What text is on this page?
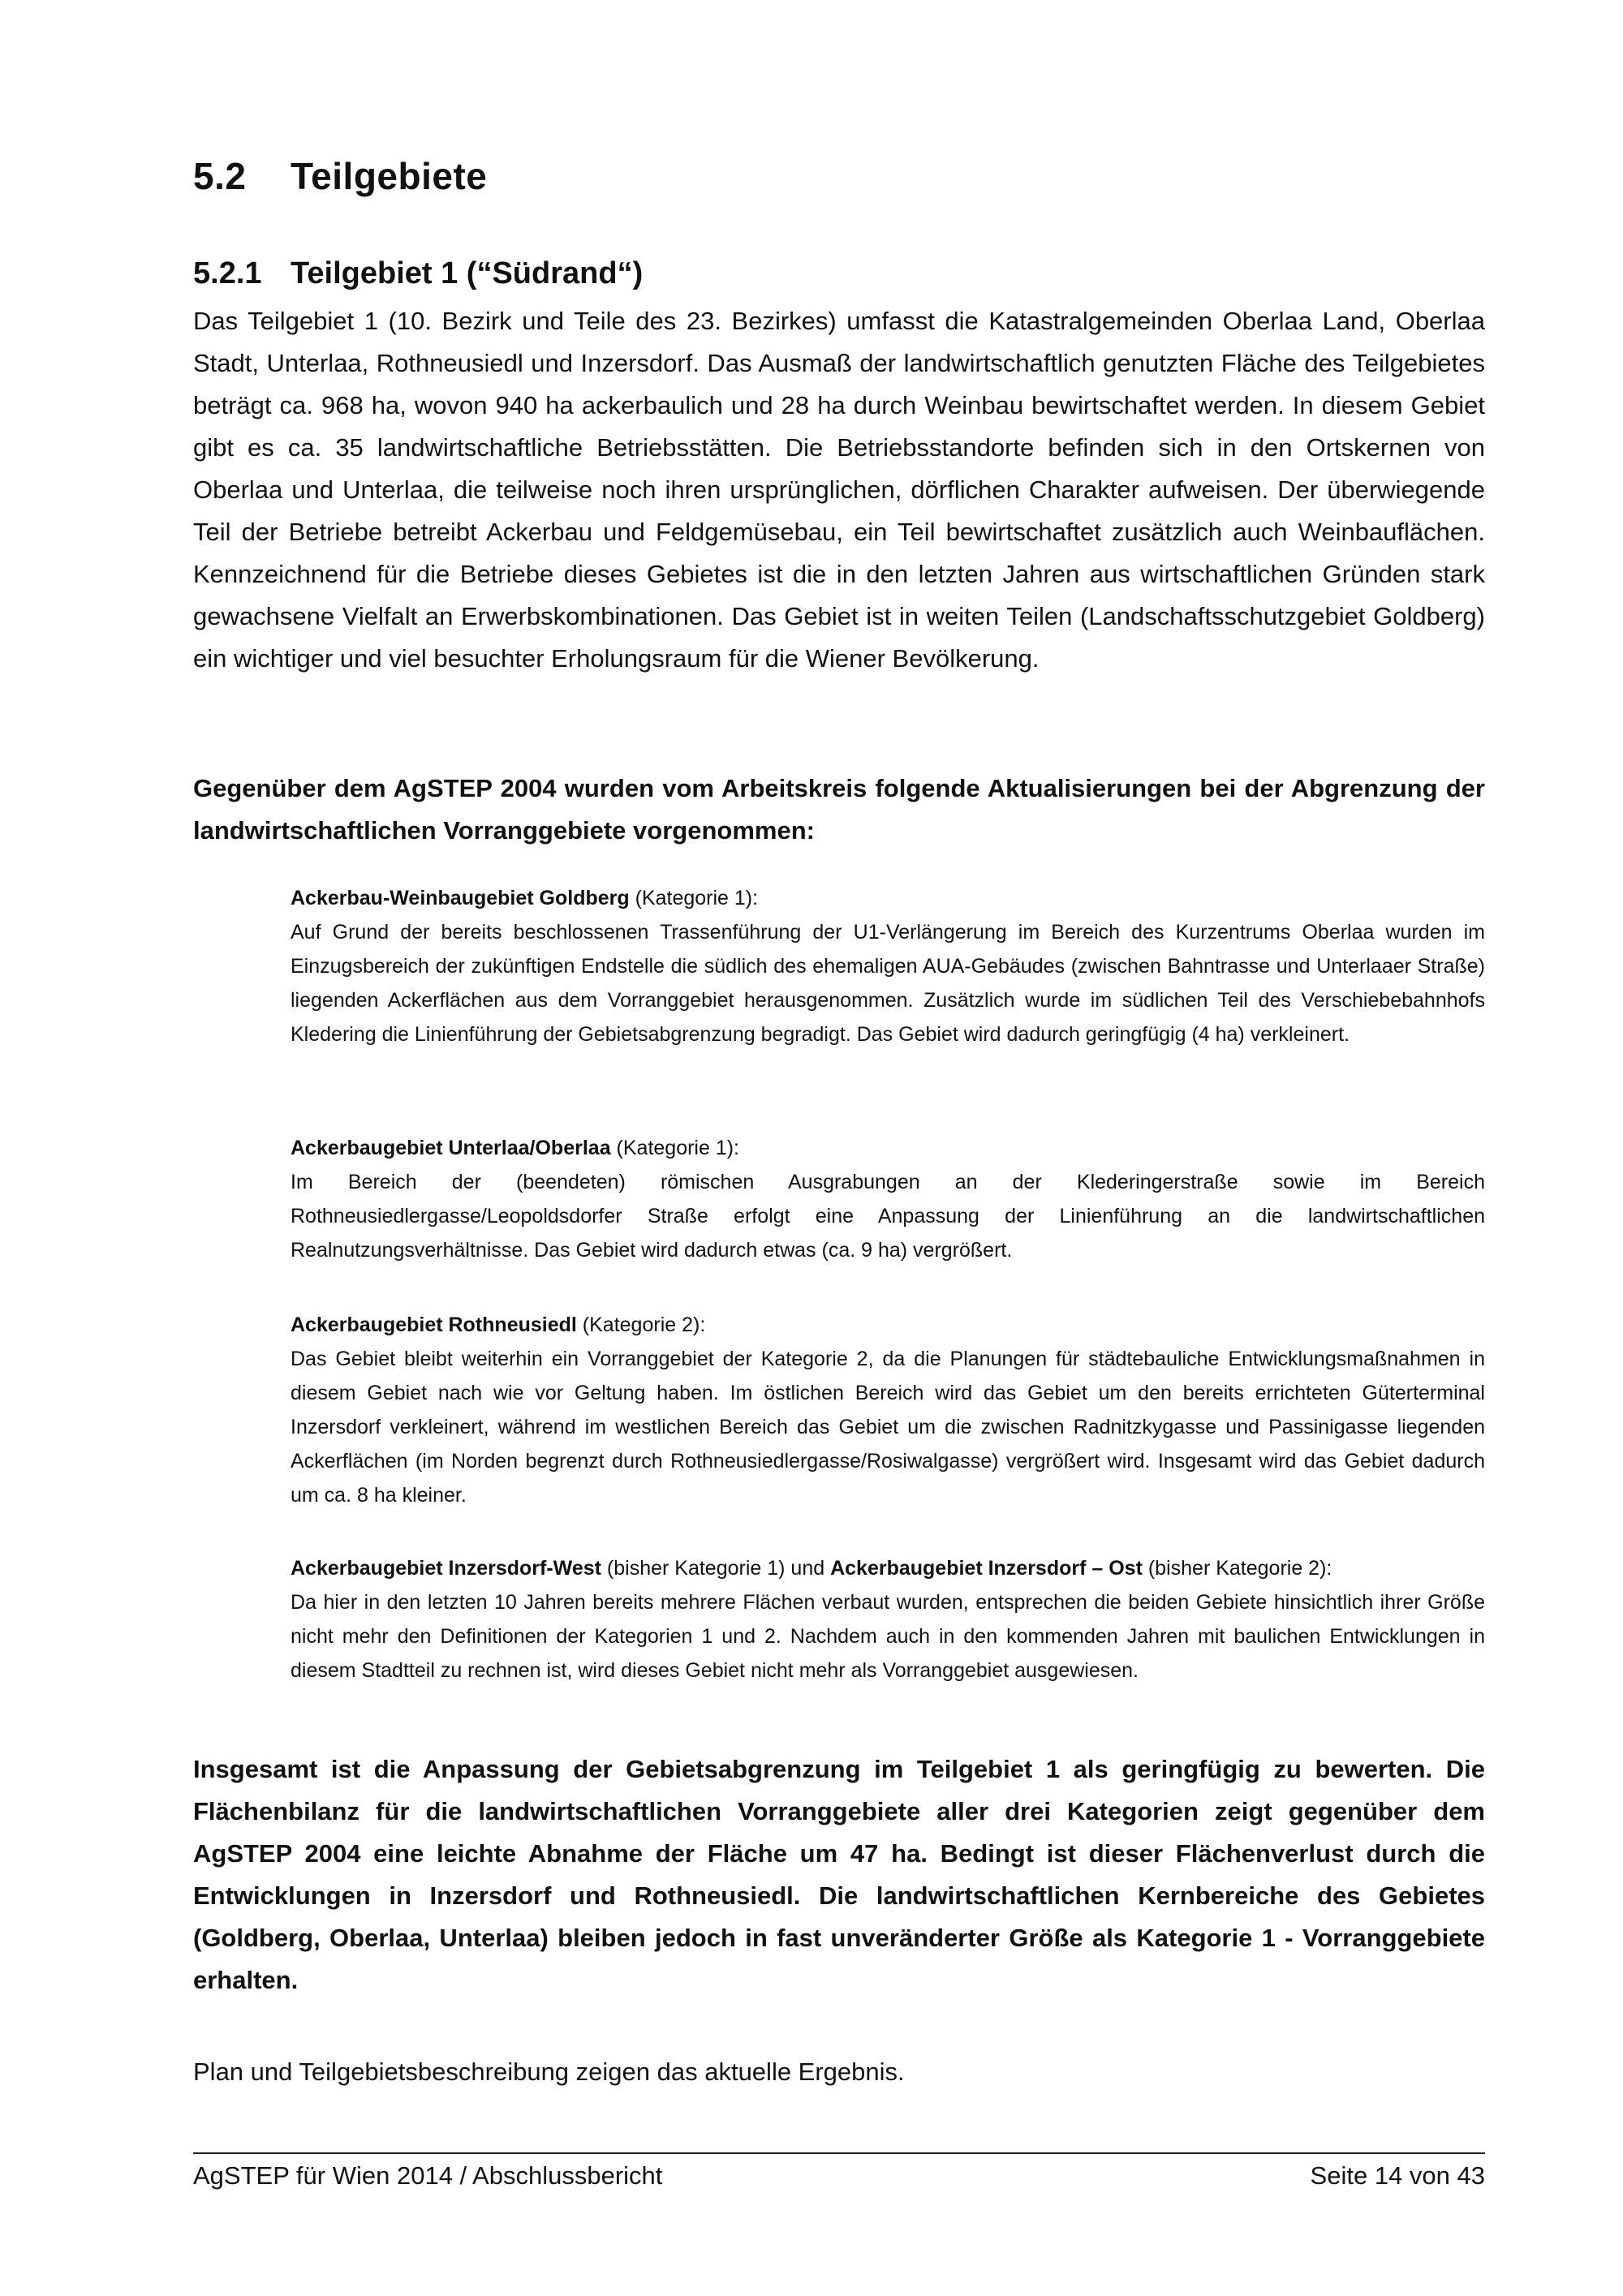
5.2 Teilgebiete
5.2.1 Teilgebiet 1 (“Südrand“)

Das Teilgebiet 1 (10. Bezirk und Teile des 23. Bezirkes) umfasst die Katastralgemeinden Oberlaa Land, Oberlaa Stadt, Unterlaa, Rothneusiedl und Inzersdorf. Das Ausmaß der landwirtschaftlich genutzten Fläche des Teilgebietes beträgt ca. 968 ha, wovon 940 ha ackerbaulich und 28 ha durch Weinbau bewirtschaftet werden. In diesem Gebiet gibt es ca. 35 landwirtschaftliche Betriebsstätten. Die Betriebsstandorte befinden sich in den Ortskernen von Oberlaa und Unterlaa, die teilweise noch ihren ursprünglichen, dörflichen Charakter aufweisen. Der überwiegende Teil der Betriebe betreibt Ackerbau und Feldgemüsebau, ein Teil bewirtschaftet zusätzlich auch Weinbauflächen. Kennzeichnend für die Betriebe dieses Gebietes ist die in den letzten Jahren aus wirtschaftlichen Gründen stark gewachsene Vielfalt an Erwerbskombinationen. Das Gebiet ist in weiten Teilen (Landschaftsschutzgebiet Goldberg) ein wichtiger und viel besuchter Erholungsraum für die Wiener Bevölkerung.

Gegenüber dem AgSTEP 2004 wurden vom Arbeitskreis folgende Aktualisierungen bei der Abgrenzung der landwirtschaftlichen Vorranggebiete vorgenommen:

Ackerbau-Weinbaugebiet Goldberg (Kategorie 1):
Auf Grund der bereits beschlossenen Trassenführung der U1-Verlängerung im Bereich des Kurzentrums Oberlaa wurden im Einzugsbereich der zukünftigen Endstelle die südlich des ehemaligen AUA-Gebäudes (zwischen Bahntrasse und Unterlaaer Straße) liegenden Ackerflächen aus dem Vorranggebiet herausgenommen. Zusätzlich wurde im südlichen Teil des Verschiebebahnhofs Kledering die Linienführung der Gebietsabgrenzung begradigt. Das Gebiet wird dadurch geringfügig (4 ha) verkleinert.

Ackerbaugebiet Unterlaa/Oberlaa (Kategorie 1):
Im Bereich der (beendeten) römischen Ausgrabungen an der Klederingerstraße sowie im Bereich Rothneusiedlergasse/Leopoldsdorfer Straße erfolgt eine Anpassung der Linienführung an die landwirtschaftlichen Realnutzungsverhältnisse. Das Gebiet wird dadurch etwas (ca. 9 ha) vergrößert.

Ackerbaugebiet Rothneusiedl (Kategorie 2):
Das Gebiet bleibt weiterhin ein Vorranggebiet der Kategorie 2, da die Planungen für städtebauliche Entwicklungsmaßnahmen in diesem Gebiet nach wie vor Geltung haben. Im östlichen Bereich wird das Gebiet um den bereits errichteten Güterterminal Inzersdorf verkleinert, während im westlichen Bereich das Gebiet um die zwischen Radnitzkygasse und Passinigasse liegenden Ackerflächen (im Norden begrenzt durch Rothneusiedlergasse/Rosiwalgasse) vergrößert wird. Insgesamt wird das Gebiet dadurch um ca. 8 ha kleiner.

Ackerbaugebiet Inzersdorf-West (bisher Kategorie 1) und Ackerbaugebiet Inzersdorf – Ost (bisher Kategorie 2):
Da hier in den letzten 10 Jahren bereits mehrere Flächen verbaut wurden, entsprechen die beiden Gebiete hinsichtlich ihrer Größe nicht mehr den Definitionen der Kategorien 1 und 2. Nachdem auch in den kommenden Jahren mit baulichen Entwicklungen in diesem Stadtteil zu rechnen ist, wird dieses Gebiet nicht mehr als Vorranggebiet ausgewiesen.

Insgesamt ist die Anpassung der Gebietsabgrenzung im Teilgebiet 1 als geringfügig zu bewerten. Die Flächenbilanz für die landwirtschaftlichen Vorranggebiete aller drei Kategorien zeigt gegenüber dem AgSTEP 2004 eine leichte Abnahme der Fläche um 47 ha. Bedingt ist dieser Flächenverlust durch die Entwicklungen in Inzersdorf und Rothneusiedl. Die landwirtschaftlichen Kernbereiche des Gebietes (Goldberg, Oberlaa, Unterlaa) bleiben jedoch in fast unveränderter Größe als Kategorie 1 - Vorranggebiete erhalten.

Plan und Teilgebietsbeschreibung zeigen das aktuelle Ergebnis.

AgSTEP für Wien 2014 / Abschlussbericht	Seite 14 von 43
